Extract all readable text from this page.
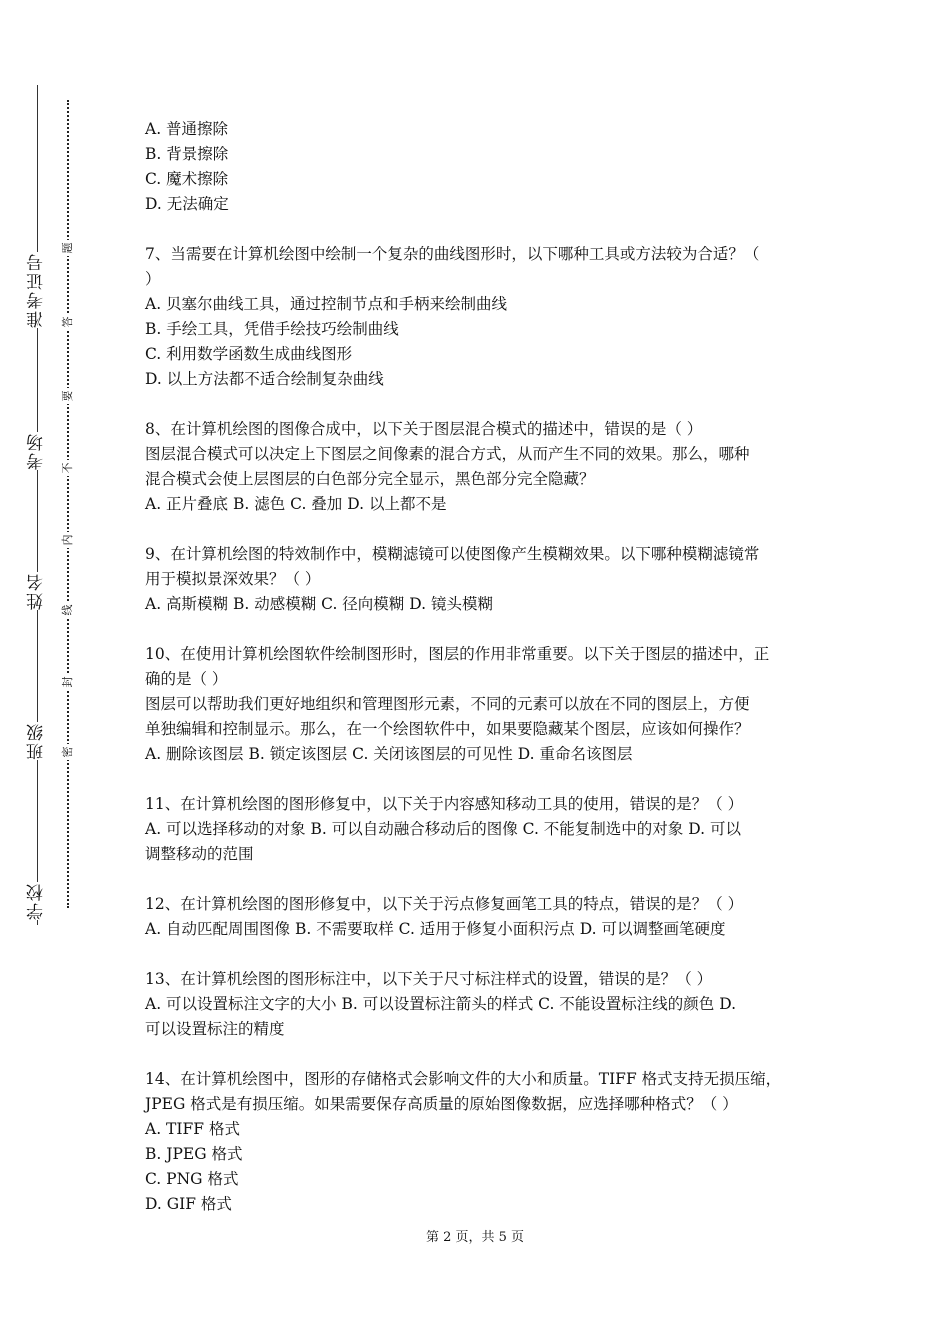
准考证号
考场
姓名
班级
学校
题
答
要
不
内
线
封
密

A. 普通擦除

B. 背景擦除

C. 魔术擦除

D. 无法确定

7、当需要在计算机绘图中绘制一个复杂的曲线图形时，以下哪种工具或方法较为合适？（

）

A. 贝塞尔曲线工具，通过控制节点和手柄来绘制曲线

B. 手绘工具，凭借手绘技巧绘制曲线

C. 利用数学函数生成曲线图形

D. 以上方法都不适合绘制复杂曲线

8、在计算机绘图的图像合成中，以下关于图层混合模式的描述中，错误的是（ ）

图层混合模式可以决定上下图层之间像素的混合方式，从而产生不同的效果。那么，哪种

混合模式会使上层图层的白色部分完全显示，黑色部分完全隐藏？

A. 正片叠底 B. 滤色 C. 叠加 D. 以上都不是

9、在计算机绘图的特效制作中，模糊滤镜可以使图像产生模糊效果。以下哪种模糊滤镜常

用于模拟景深效果？（ ）

A. 高斯模糊 B. 动感模糊 C. 径向模糊 D. 镜头模糊

10、在使用计算机绘图软件绘制图形时，图层的作用非常重要。以下关于图层的描述中，正

确的是（ ）

图层可以帮助我们更好地组织和管理图形元素，不同的元素可以放在不同的图层上，方便

单独编辑和控制显示。那么，在一个绘图软件中，如果要隐藏某个图层，应该如何操作？

A. 删除该图层 B. 锁定该图层 C. 关闭该图层的可见性 D. 重命名该图层

11、在计算机绘图的图形修复中，以下关于内容感知移动工具的使用，错误的是？（ ）

A. 可以选择移动的对象 B. 可以自动融合移动后的图像 C. 不能复制选中的对象 D. 可以

调整移动的范围

12、在计算机绘图的图形修复中，以下关于污点修复画笔工具的特点，错误的是？（ ）

A. 自动匹配周围图像 B. 不需要取样 C. 适用于修复小面积污点 D. 可以调整画笔硬度

13、在计算机绘图的图形标注中，以下关于尺寸标注样式的设置，错误的是？（ ）

A. 可以设置标注文字的大小 B. 可以设置标注箭头的样式 C. 不能设置标注线的颜色 D.

可以设置标注的精度

14、在计算机绘图中，图形的存储格式会影响文件的大小和质量。TIFF 格式支持无损压缩，

JPEG 格式是有损压缩。如果需要保存高质量的原始图像数据，应选择哪种格式？（ ）

A. TIFF 格式

B. JPEG 格式

C. PNG 格式

D. GIF 格式

第 2 页，共 5 页
